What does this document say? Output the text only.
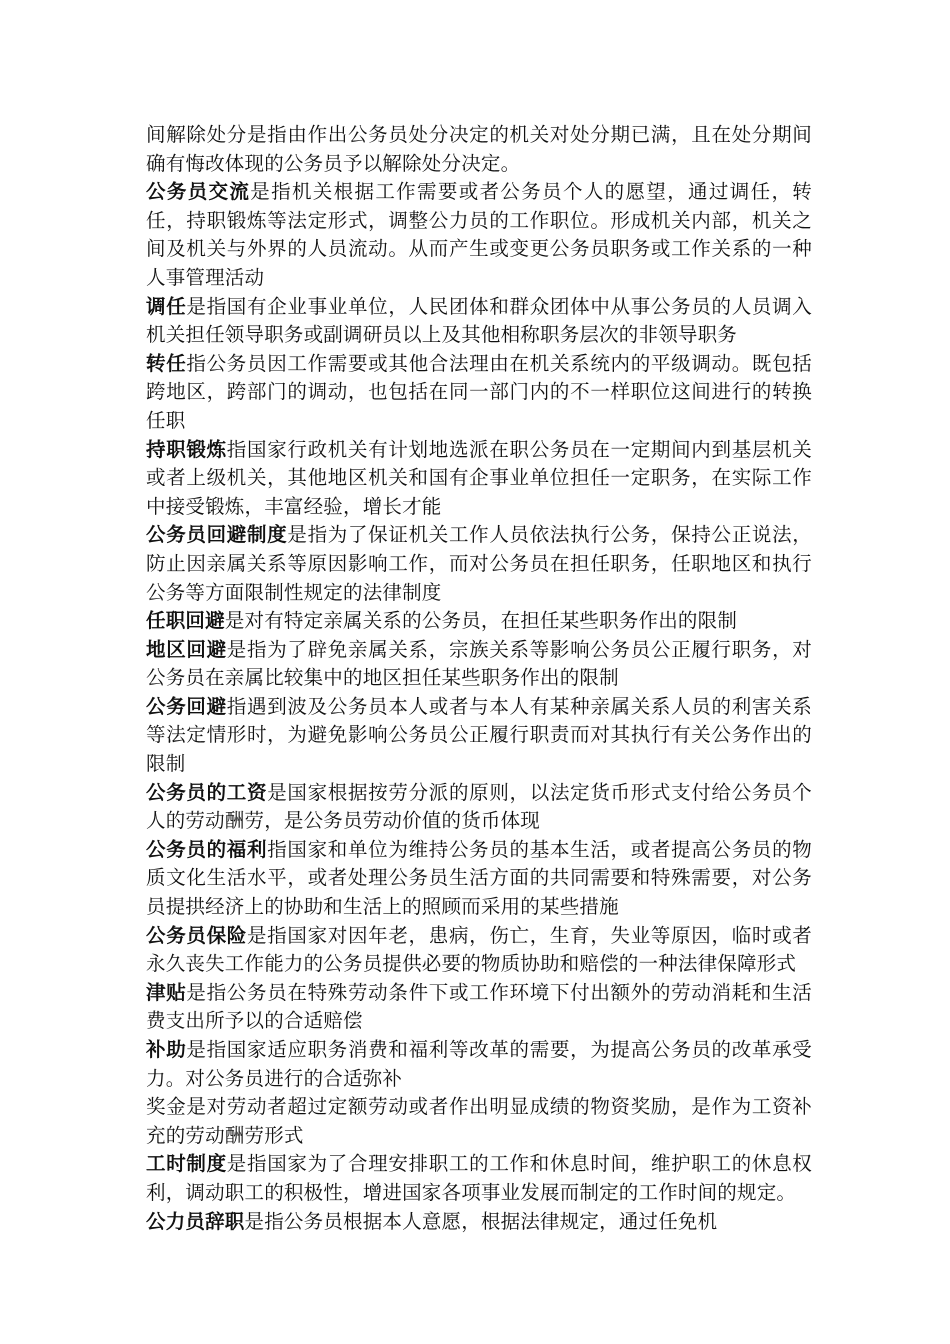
间解除处分是指由作出公务员处分决定的机关对处分期已满，且在处分期间确有悔改体现的公务员予以解除处分决定。

公务员交流是指机关根据工作需要或者公务员个人的愿望，通过调任，转任，持职锻炼等法定形式，调整公力员的工作职位。形成机关内部，机关之间及机关与外界的人员流动。从而产生或变更公务员职务或工作关系的一种人事管理活动

调任是指国有企业事业单位，人民团体和群众团体中从事公务员的人员调入机关担任领导职务或副调研员以上及其他相称职务层次的非领导职务

转任指公务员因工作需要或其他合法理由在机关系统内的平级调动。既包括跨地区，跨部门的调动，也包括在同一部门内的不一样职位这间进行的转换任职

持职锻炼指国家行政机关有计划地选派在职公务员在一定期间内到基层机关或者上级机关，其他地区机关和国有企事业单位担任一定职务，在实际工作中接受锻炼，丰富经验，增长才能

公务员回避制度是指为了保证机关工作人员依法执行公务，保持公正说法，防止因亲属关系等原因影响工作，而对公务员在担任职务，任职地区和执行公务等方面限制性规定的法律制度

任职回避是对有特定亲属关系的公务员，在担任某些职务作出的限制

地区回避是指为了辟免亲属关系，宗族关系等影响公务员公正履行职务，对公务员在亲属比较集中的地区担任某些职务作出的限制

公务回避指遇到波及公务员本人或者与本人有某种亲属关系人员的利害关系等法定情形时，为避免影响公务员公正履行职责而对其执行有关公务作出的限制

公务员的工资是国家根据按劳分派的原则，以法定货币形式支付给公务员个人的劳动酬劳，是公务员劳动价值的货币体现

公务员的福利指国家和单位为维持公务员的基本生活，或者提高公务员的物质文化生活水平，或者处理公务员生活方面的共同需要和特殊需要，对公务员提拱经济上的协助和生活上的照顾而采用的某些措施

公务员保险是指国家对因年老，患病，伤亡，生育，失业等原因，临时或者永久丧失工作能力的公务员提供必要的物质协助和赔偿的一种法律保障形式

津贴是指公务员在特殊劳动条件下或工作环境下付出额外的劳动消耗和生活费支出所予以的合适赔偿

补助是指国家适应职务消费和福利等改革的需要，为提高公务员的改革承受力。对公务员进行的合适弥补

奖金是对劳动者超过定额劳动或者作出明显成绩的物资奖励，是作为工资补充的劳动酬劳形式

工时制度是指国家为了合理安排职工的工作和休息时间，维护职工的休息权利，调动职工的积极性，增进国家各项事业发展而制定的工作时间的规定。

公力员辞职是指公务员根据本人意愿，根据法律规定，通过任免机
